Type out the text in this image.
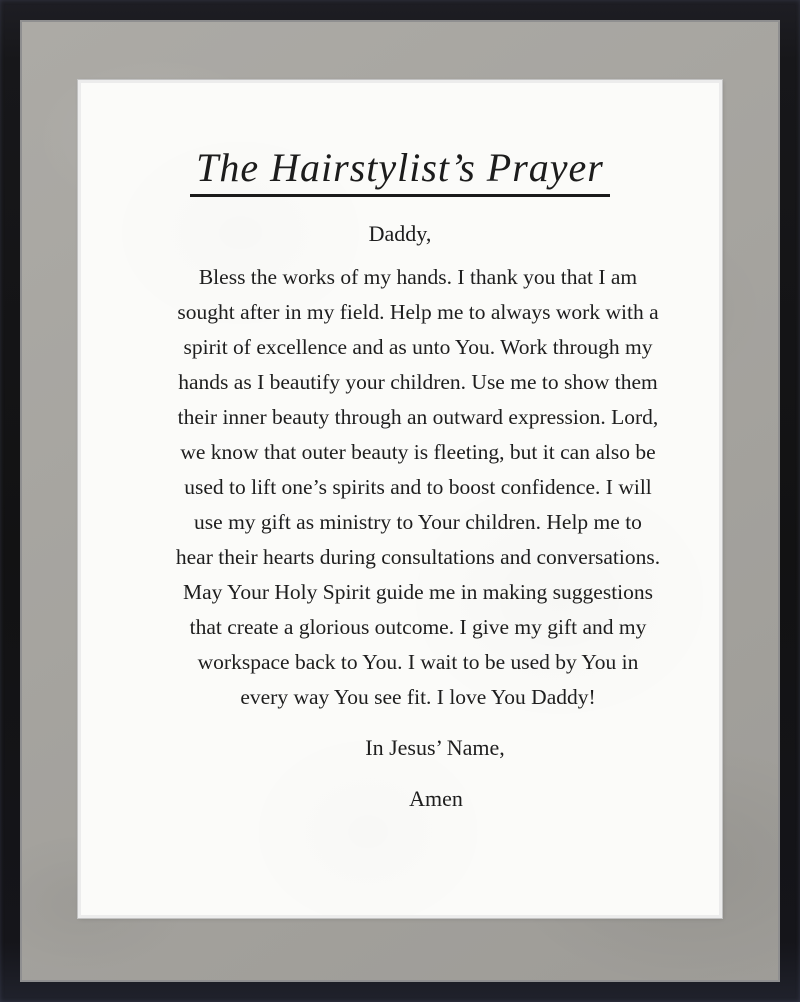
The Hairstylist’s Prayer

Daddy,

Bless the works of my hands. I thank you that I am
sought after in my field. Help me to always work with a
spirit of excellence and as unto You. Work through my
hands as I beautify your children. Use me to show them
their inner beauty through an outward expression. Lord,
we know that outer beauty is fleeting, but it can also be
used to lift one’s spirits and to boost confidence. I will
use my gift as ministry to Your children. Help me to
hear their hearts during consultations and conversations.
May Your Holy Spirit guide me in making suggestions
that create a glorious outcome. I give my gift and my
workspace back to You. I wait to be used by You in
every way You see fit. I love You Daddy!

In Jesus’ Name,

Amen
